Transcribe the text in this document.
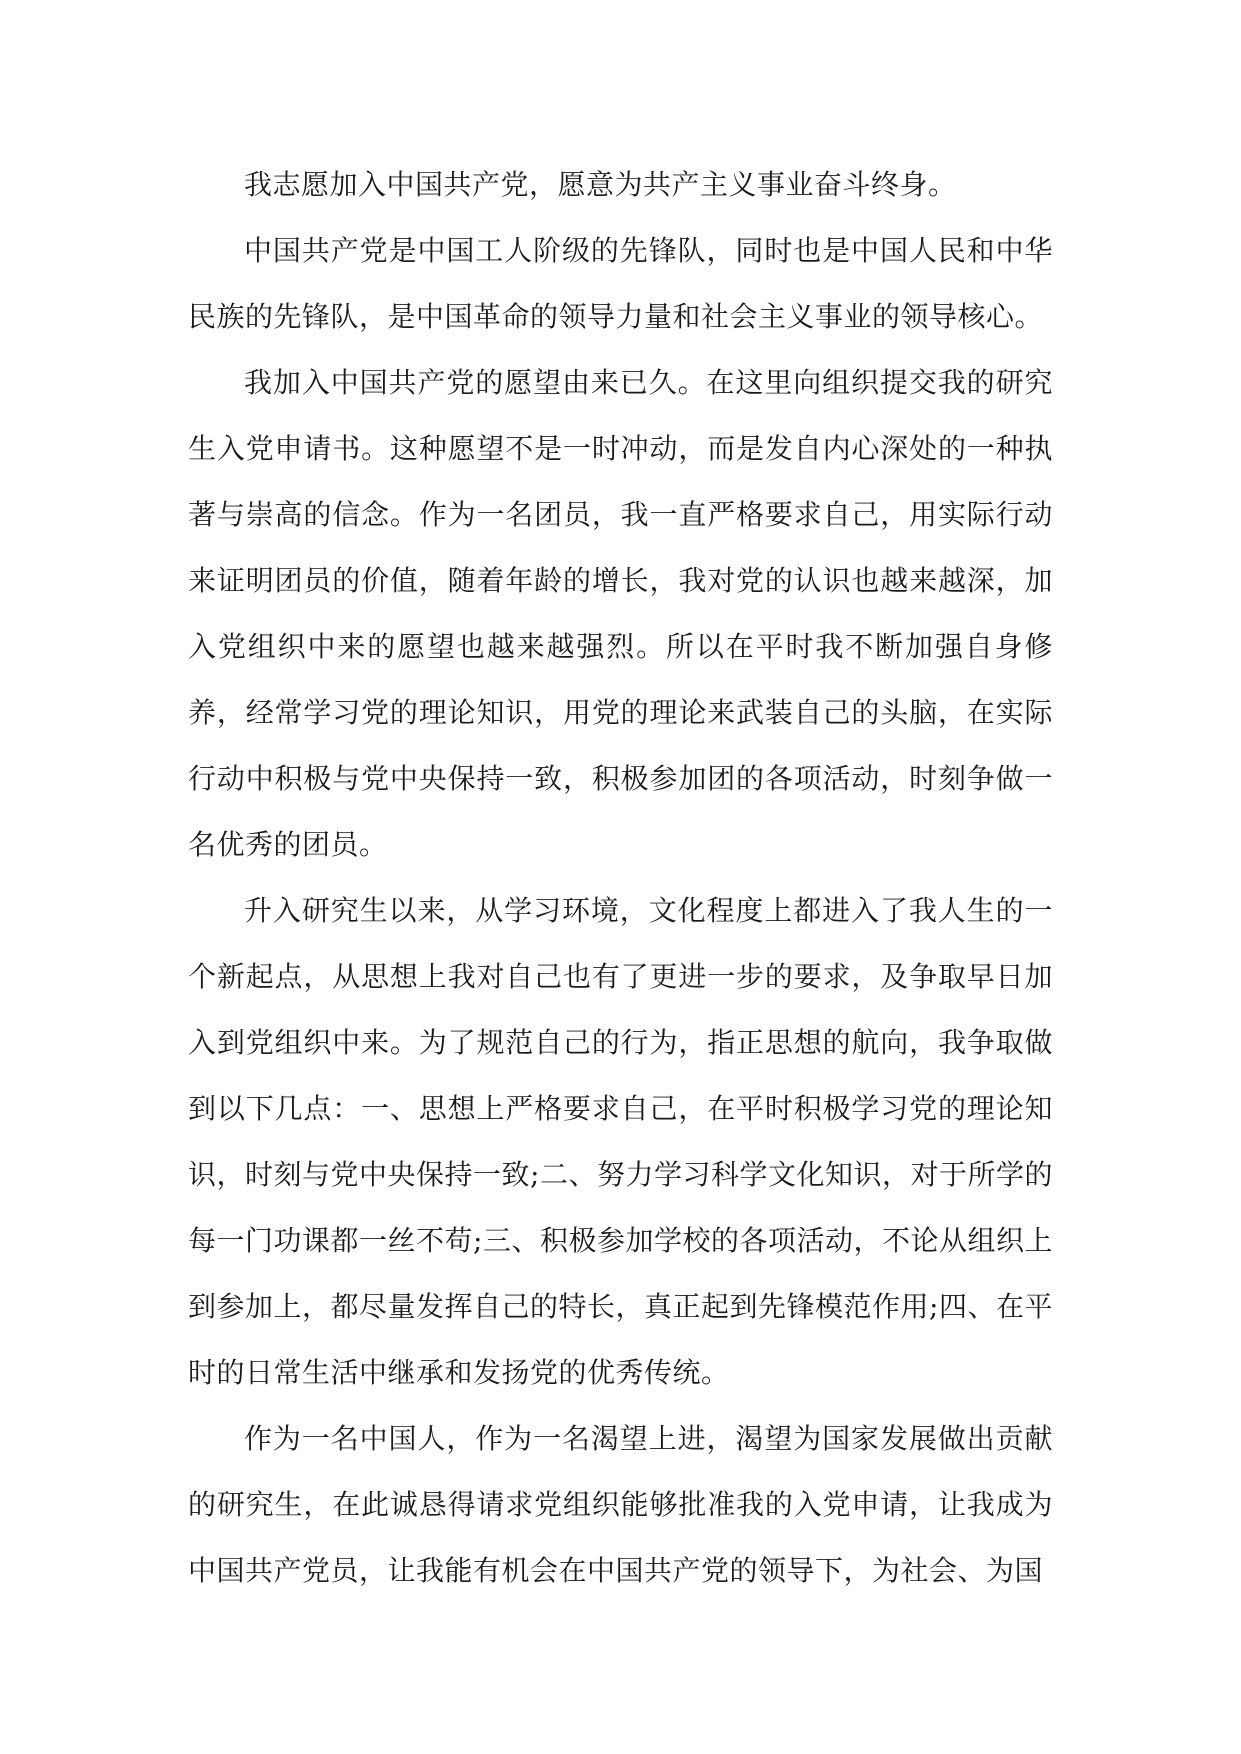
我志愿加入中国共产党，愿意为共产主义事业奋斗终身。

中国共产党是中国工人阶级的先锋队，同时也是中国人民和中华民族的先锋队，是中国革命的领导力量和社会主义事业的领导核心。

我加入中国共产党的愿望由来已久。在这里向组织提交我的研究生入党申请书。这种愿望不是一时冲动，而是发自内心深处的一种执著与崇高的信念。作为一名团员，我一直严格要求自己，用实际行动来证明团员的价值，随着年龄的增长，我对党的认识也越来越深，加入党组织中来的愿望也越来越强烈。所以在平时我不断加强自身修养，经常学习党的理论知识，用党的理论来武装自己的头脑，在实际行动中积极与党中央保持一致，积极参加团的各项活动，时刻争做一名优秀的团员。

升入研究生以来，从学习环境，文化程度上都进入了我人生的一个新起点，从思想上我对自己也有了更进一步的要求，及争取早日加入到党组织中来。为了规范自己的行为，指正思想的航向，我争取做到以下几点：一、思想上严格要求自己，在平时积极学习党的理论知识，时刻与党中央保持一致;二、努力学习科学文化知识，对于所学的每一门功课都一丝不苟;三、积极参加学校的各项活动，不论从组织上到参加上，都尽量发挥自己的特长，真正起到先锋模范作用;四、在平时的日常生活中继承和发扬党的优秀传统。

作为一名中国人，作为一名渴望上进，渴望为国家发展做出贡献的研究生，在此诚恳得请求党组织能够批准我的入党申请，让我成为中国共产党员，让我能有机会在中国共产党的领导下，为社会、为国
